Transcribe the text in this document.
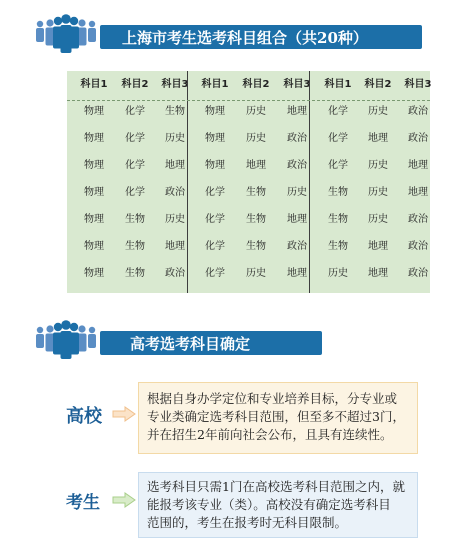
上海市考生选考科目组合（共20种）
科目1	科目2	科目3	科目1	科目2	科目3	科目1	科目2	科目3
物理	化学	生物	物理	历史	地理	化学	历史	政治
物理	化学	历史	物理	历史	政治	化学	地理	政治
物理	化学	地理	物理	地理	政治	化学	历史	地理
物理	化学	政治	化学	生物	历史	生物	历史	地理
物理	生物	历史	化学	生物	地理	生物	历史	政治
物理	生物	地理	化学	生物	政治	生物	地理	政治
物理	生物	政治	化学	历史	地理	历史	地理	政治
高考选考科目确定
高校
根据自身办学定位和专业培养目标，分专业或
专业类确定选考科目范围，但至多不超过3门，
并在招生2年前向社会公布，且具有连续性。
考生
选考科目只需1门在高校选考科目范围之内，就
能报考该专业（类）。高校没有确定选考科目
范围的，考生在报考时无科目限制。
